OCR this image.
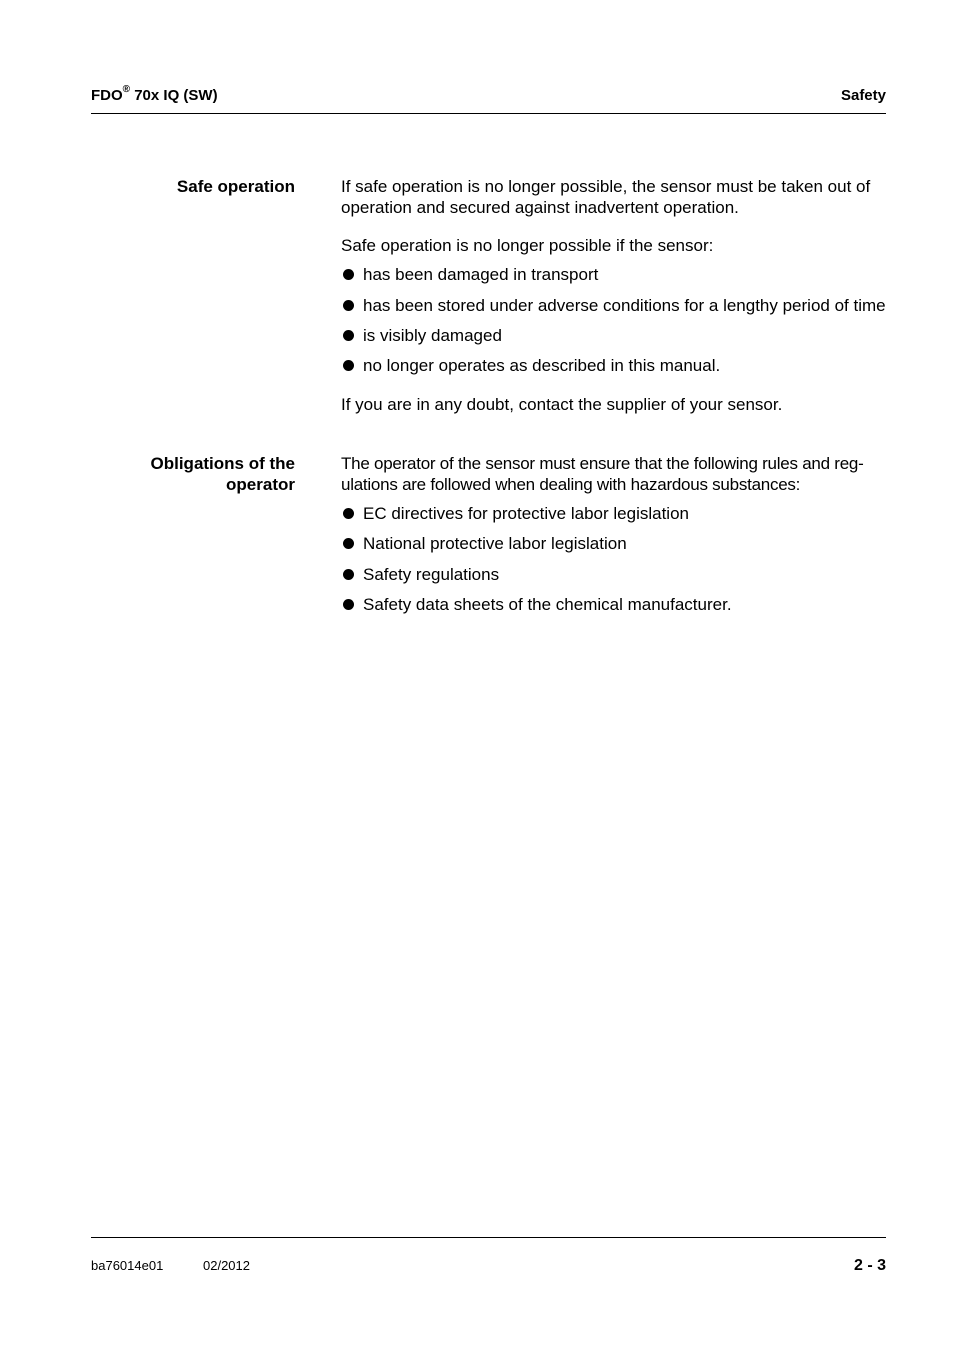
FDO® 70x IQ (SW)	Safety
Safe operation	If safe operation is no longer possible, the sensor must be taken out of operation and secured against inadvertent operation.

Safe operation is no longer possible if the sensor:

has been damaged in transport
has been stored under adverse conditions for a lengthy period of time
is visibly damaged
no longer operates as described in this manual.

If you are in any doubt, contact the supplier of your sensor.

Obligations of the
operator

The operator of the sensor must ensure that the following rules and reg-
ulations are followed when dealing with hazardous substances:

EC directives for protective labor legislation
National protective labor legislation
Safety regulations
Safety data sheets of the chemical manufacturer.
ba76014e01	02/2012	2 - 3
